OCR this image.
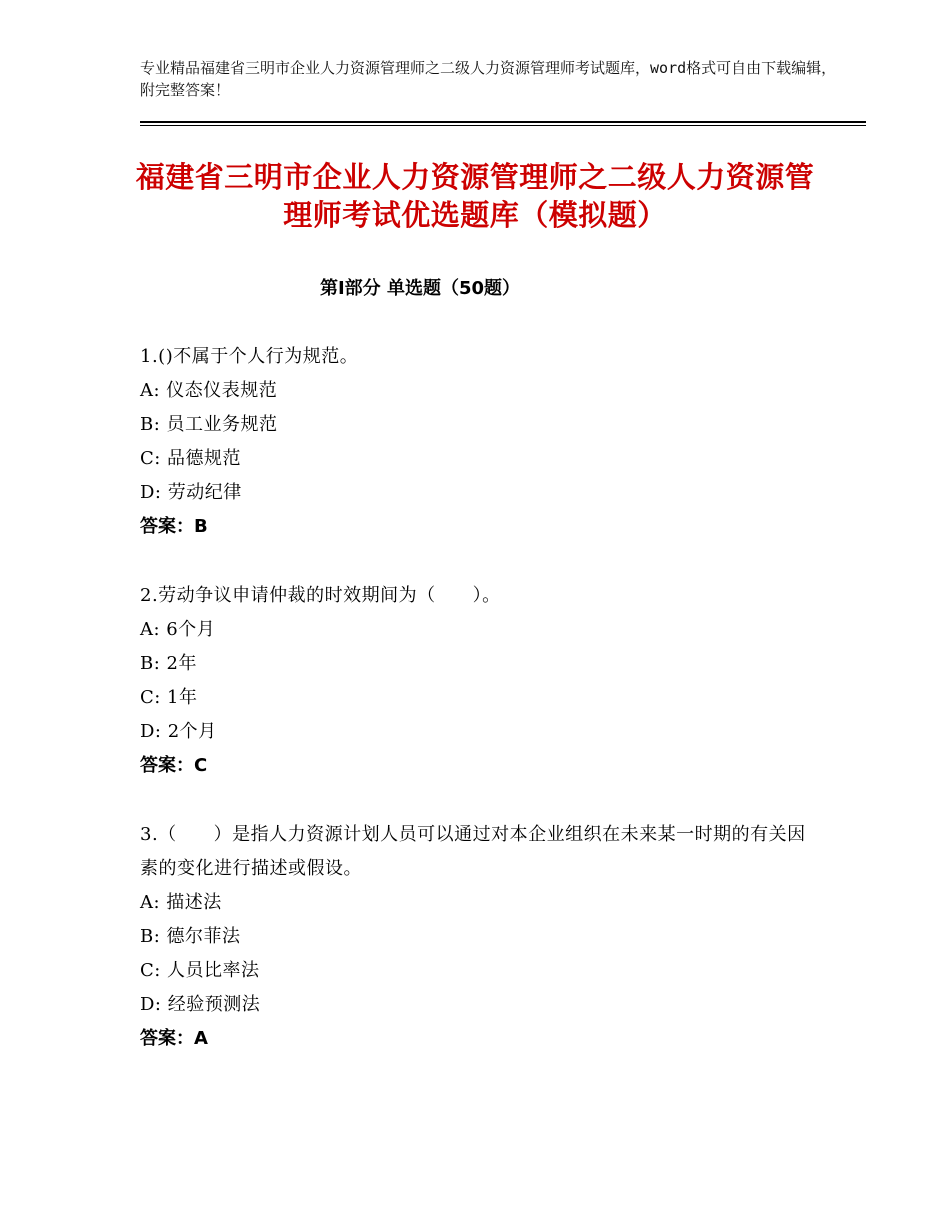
专业精品福建省三明市企业人力资源管理师之二级人力资源管理师考试题库，word格式可自由下载编辑，附完整答案！
福建省三明市企业人力资源管理师之二级人力资源管理师考试优选题库（模拟题）
第Ⅰ部分 单选题（50题）

1.()不属于个人行为规范。

A: 仪态仪表规范

B: 员工业务规范

C: 品德规范

D: 劳动纪律

答案：B

2.劳动争议申请仲裁的时效期间为（　　）。

A: 6个月

B: 2年

C: 1年

D: 2个月

答案：C

3.（　　）是指人力资源计划人员可以通过对本企业组织在未来某一时期的有关因素的变化进行描述或假设。

A: 描述法

B: 德尔菲法

C: 人员比率法

D: 经验预测法

答案：A
